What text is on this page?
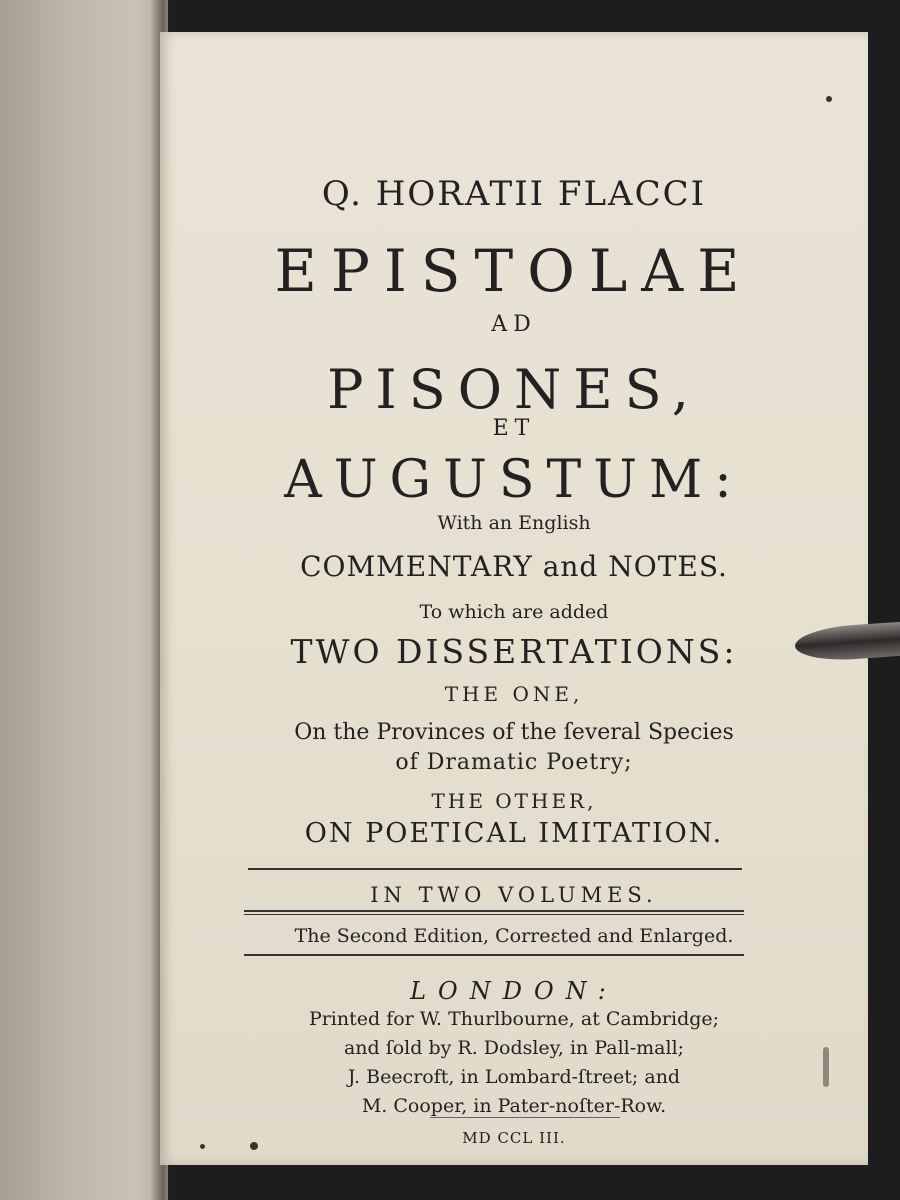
Q. HORATII FLACCI

EPISTOLAE

AD

PISONES,

ET

AUGUSTUM:

With an English

COMMENTARY and NOTES.

To which are added

TWO DISSERTATIONS:

THE ONE,

On the Provinces of the ſeveral Species

of Dramatic Poetry;

THE OTHER,

ON POETICAL IMITATION.

IN TWO VOLUMES.

The Second Edition, Correɛted and Enlarged.

LONDON:

Printed for W. Thurlbourne, at Cambridge;

and ſold by R. Dodsley, in Pall-mall;

J. Beecroft, in Lombard-ſtreet; and

M. Cooper, in Pater-noſter-Row.

MD CCL III.
